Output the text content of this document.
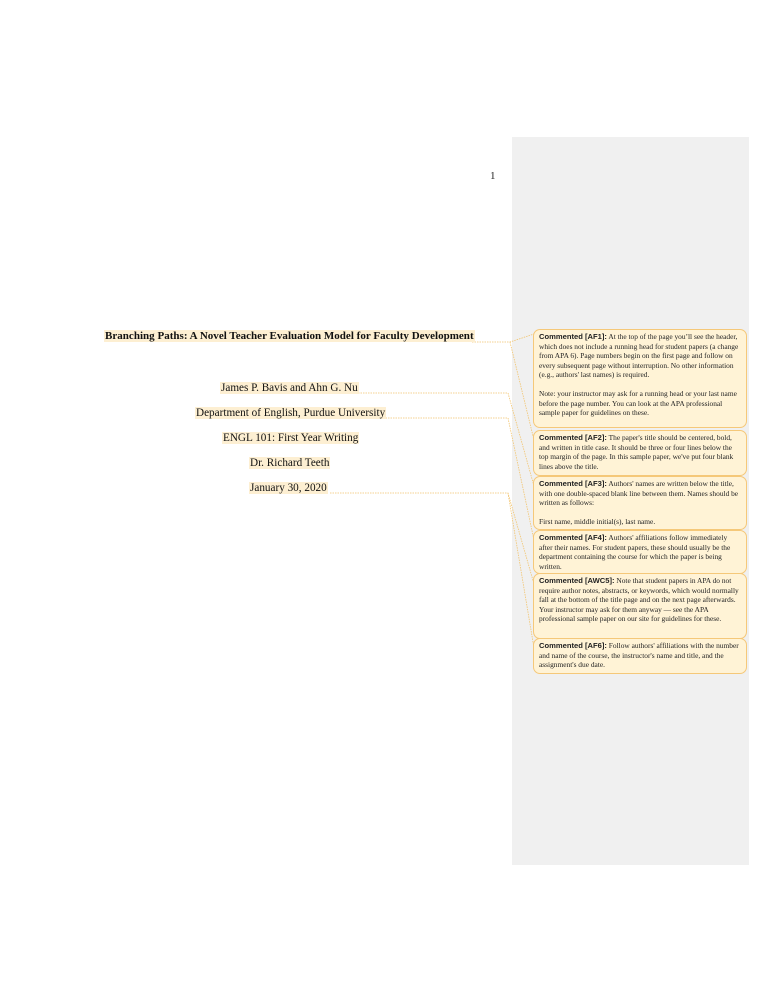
1
Branching Paths: A Novel Teacher Evaluation Model for Faculty Development
James P. Bavis and Ahn G. Nu
Department of English, Purdue University
ENGL 101: First Year Writing
Dr. Richard Teeth
January 30, 2020
Commented [AF1]: At the top of the page you’ll see the header, which does not include a running head for student papers (a change from APA 6). Page numbers begin on the first page and follow on every subsequent page without interruption. No other information (e.g., authors' last names) is required.
Note: your instructor may ask for a running head or your last name before the page number. You can look at the APA professional sample paper for guidelines on these.
Commented [AF2]: The paper's title should be centered, bold, and written in title case. It should be three or four lines below the top margin of the page. In this sample paper, we've put four blank lines above the title.
Commented [AF3]: Authors' names are written below the title, with one double-spaced blank line between them. Names should be written as follows:
First name, middle initial(s), last name.
Commented [AF4]: Authors' affiliations follow immediately after their names. For student papers, these should usually be the department containing the course for which the paper is being written.
Commented [AWC5]: Note that student papers in APA do not require author notes, abstracts, or keywords, which would normally fall at the bottom of the title page and on the next page afterwards. Your instructor may ask for them anyway — see the APA professional sample paper on our site for guidelines for these.
Commented [AF6]: Follow authors' affiliations with the number and name of the course, the instructor's name and title, and the assignment's due date.
